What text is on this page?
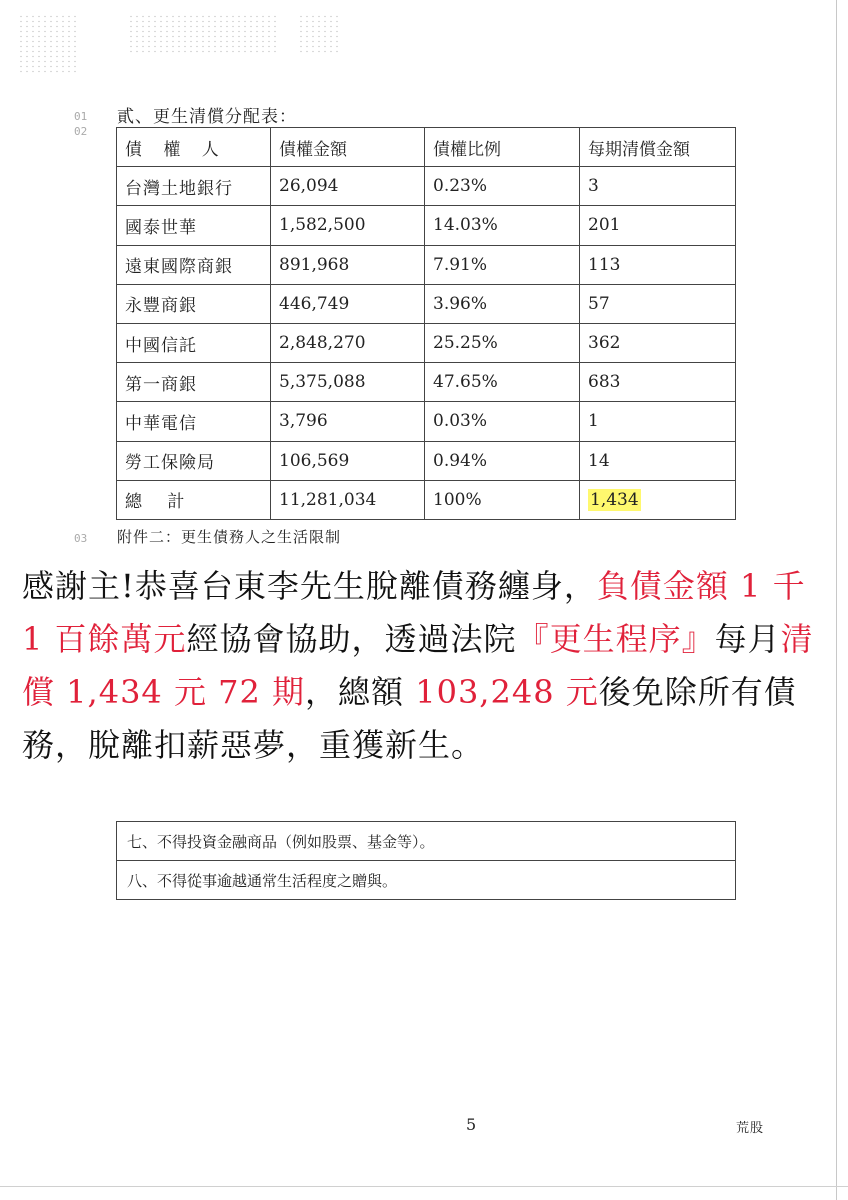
01
02
03
貳、更生清償分配表：
債 權 人	債權金額	債權比例	每期清償金額
台灣土地銀行	26,094	0.23%	3
國泰世華	1,582,500	14.03%	201
遠東國際商銀	891,968	7.91%	113
永豐商銀	446,749	3.96%	57
中國信託	2,848,270	25.25%	362
第一商銀	5,375,088	47.65%	683
中華電信	3,796	0.03%	1
勞工保險局	106,569	0.94%	14
總 計	11,281,034	100%	1,434
附件二：更生債務人之生活限制
七、不得投資金融商品（例如股票、基金等）。
八、不得從事逾越通常生活程度之贈與。
感謝主!恭喜台東李先生脫離債務纏身，負債金額 1 千 1 百餘萬元經協會協助，透過法院『更生程序』每月清償 1,434 元 72 期，總額 103,248 元後免除所有債務，脫離扣薪惡夢，重獲新生。
5	荒股
